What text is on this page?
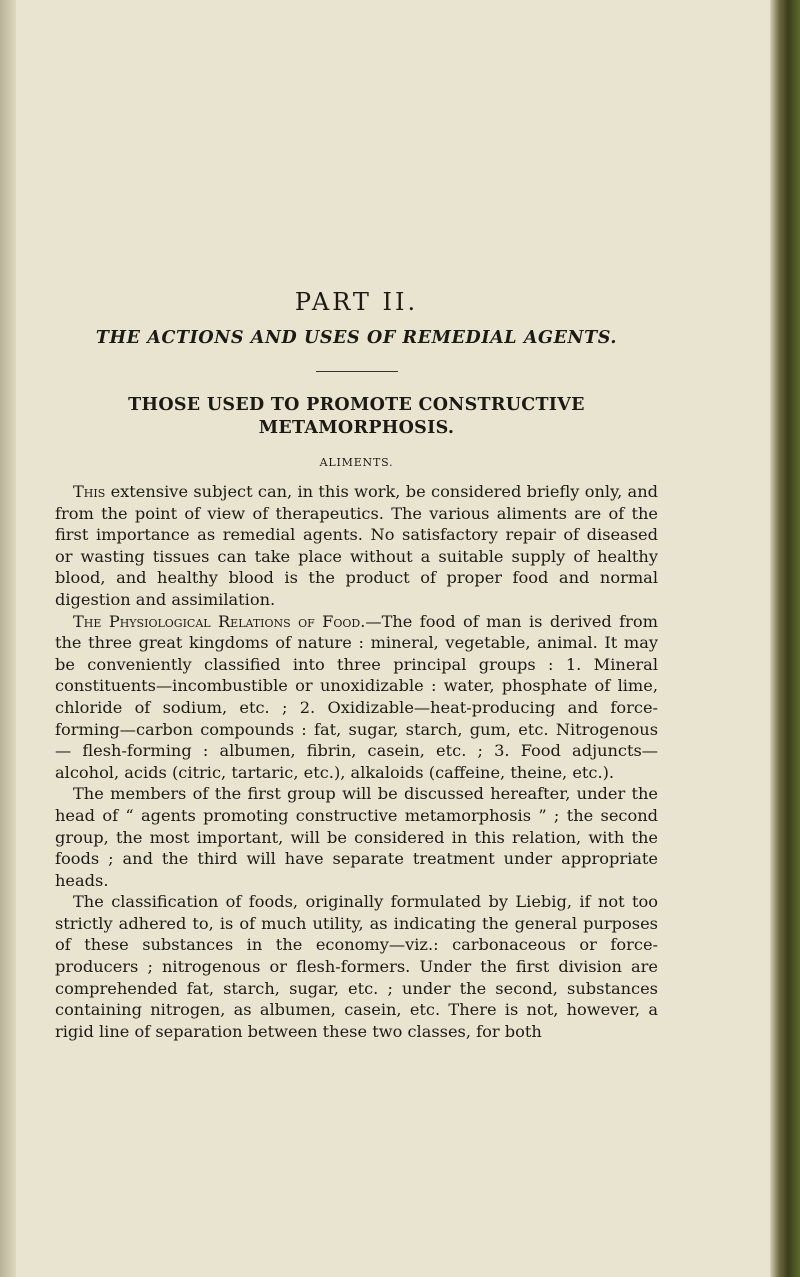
PART II.
THE ACTIONS AND USES OF REMEDIAL AGENTS.
THOSE USED TO PROMOTE CONSTRUCTIVE
METAMORPHOSIS.
ALIMENTS.

This extensive subject can, in this work, be considered briefly only, and from the point of view of therapeutics. The various aliments are of the first importance as remedial agents. No satisfactory repair of diseased or wasting tissues can take place without a suitable supply of healthy blood, and healthy blood is the product of proper food and normal digestion and assimilation.

The Physiological Relations of Food.—The food of man is derived from the three great kingdoms of nature : mineral, vegetable, animal. It may be conveniently classified into three principal groups : 1. Mineral constituents—incombustible or unoxidizable : water, phosphate of lime, chloride of sodium, etc. ; 2. Oxidizable—heat-producing and force-forming—carbon compounds : fat, sugar, starch, gum, etc. Nitrogenous — flesh-forming : albumen, fibrin, casein, etc. ; 3. Food adjuncts—alcohol, acids (citric, tartaric, etc.), alkaloids (caffeine, theine, etc.).

The members of the first group will be discussed hereafter, under the head of “ agents promoting constructive metamorphosis ” ; the second group, the most important, will be considered in this relation, with the foods ; and the third will have separate treatment under appropriate heads.

The classification of foods, originally formulated by Liebig, if not too strictly adhered to, is of much utility, as indicating the general purposes of these substances in the economy—viz.: carbonaceous or force-producers ; nitrogenous or flesh-formers. Under the first division are comprehended fat, starch, sugar, etc. ; under the second, substances containing nitrogen, as albumen, casein, etc. There is not, however, a rigid line of separation between these two classes, for both
